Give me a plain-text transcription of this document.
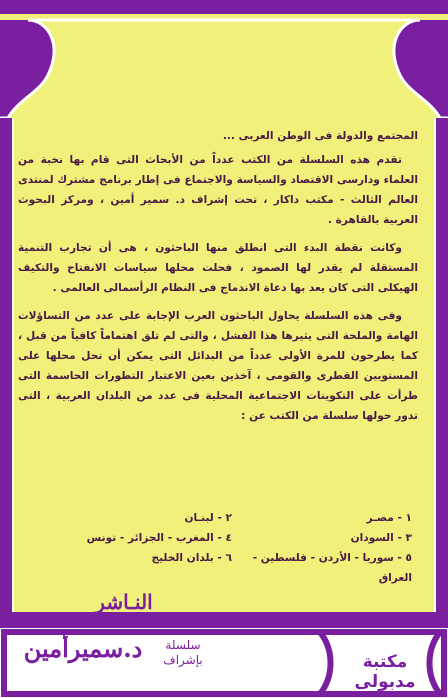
المجتمع والدولة فى الوطن العربى ...

تقدم هذه السلسلة من الكتب عدداً من الأبحاث التى قام بها نخبة من العلماء ودارسى الاقتصاد والسياسة والاجتماع فى إطار برنامج مشترك لمنتدى العالم الثالث - مكتب داكار ، تحت إشراف د. سمير أمين ، ومركز البحوث العربية بالقاهرة .

وكانت نقطة البدء التى انطلق منها الباحثون ، هى أن تجارب التنمية المستقلة لم يقدر لها الصمود ، فحلت محلها سياسات الانفتاح والتكيف الهيكلى التى كان يعد بها دعاة الاندماج فى النظام الرأسمالى العالمى .

وفى هذه السلسلة يحاول الباحثون العرب الإجابة على عدد من التساؤلات الهامة والملحة التى يثيرها هذا الفشل ، والتى لم تلق اهتماماً كافياً من قبل ، كما يطرحون للمرة الأولى عدداً من البدائل التى يمكن أن تحل محلها على المستويين القطرى والقومى ، آخذين بعين الاعتبار التطورات الحاسمة التى طرأت على التكوينات الاجتماعية المحلية فى عدد من البلدان العربية ، التى تدور حولها سلسلة من الكتب عن :

١ - مصـر
٢ - لبنـان
٣ - السودان
٤ - المغرب - الجزائر - تونس
٥ - سوريا - الأردن - فلسطين - العراق
٦ - بلدان الخليج
النـاشر
مكتبة مدبولى
سلسلة
بإشراف
د.سميرأمين
